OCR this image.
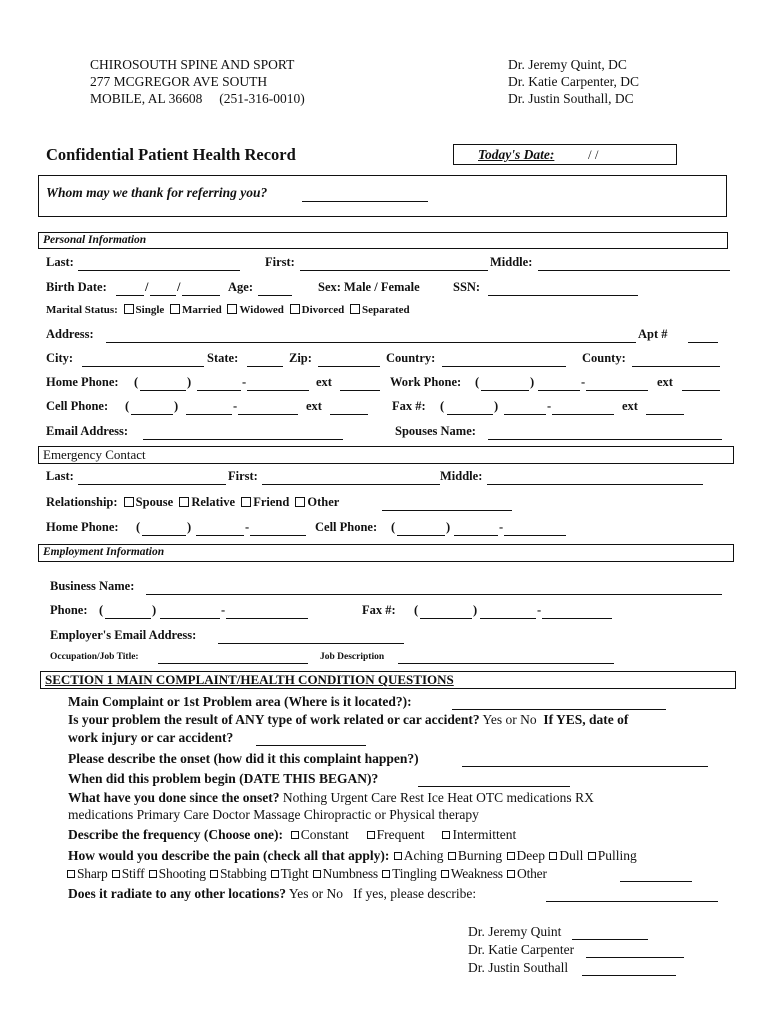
CHIROSOUTH SPINE AND SPORT
277 MCGREGOR AVE SOUTH
MOBILE, AL 36608 (251-316-0010)
Dr. Jeremy Quint, DC
Dr. Katie Carpenter, DC
Dr. Justin Southall, DC
Confidential Patient Health Record	Today's Date:	/ /
Whom may we thank for referring you?
Personal Information
Last:	First:	Middle:
Birth Date:	/ /	Age:	Sex: Male / Female	SSN:
Marital Status: Single Married Widowed Divorced Separated
Address:	Apt #
City:	State:	Zip:	Country:	County:
Home Phone: (	)	-	ext	Work Phone: (	)	-	ext
Cell Phone: (	)	-	ext	Fax #: (	)	-	ext
Email Address:	Spouses Name:
Emergency Contact
Last:	First:	Middle:
Relationship: Spouse Relative Friend Other
Home Phone: (	)	-	Cell Phone: (	)	-
Employment Information
Business Name:
Phone: (	)	-	Fax #: (	)	-
Employer's Email Address:
Occupation/Job Title:	Job Description
SECTION 1 MAIN COMPLAINT/HEALTH CONDITION QUESTIONS
Main Complaint or 1st Problem area (Where is it located?):
Is your problem the result of ANY type of work related or car accident? Yes or No If YES, date of
work injury or car accident?
Please describe the onset (how did it this complaint happen?)
When did this problem begin (DATE THIS BEGAN)?
What have you done since the onset? Nothing Urgent Care Rest Ice Heat OTC medications RX
medications Primary Care Doctor Massage Chiropractic or Physical therapy
Describe the frequency (Choose one): Constant Frequent Intermittent
How would you describe the pain (check all that apply): Aching Burning Deep Dull Pulling
Sharp Stiff Shooting Stabbing Tight Numbness Tingling Weakness Other
Does it radiate to any other locations? Yes or No If yes, please describe:
Dr. Jeremy Quint
Dr. Katie Carpenter
Dr. Justin Southall
